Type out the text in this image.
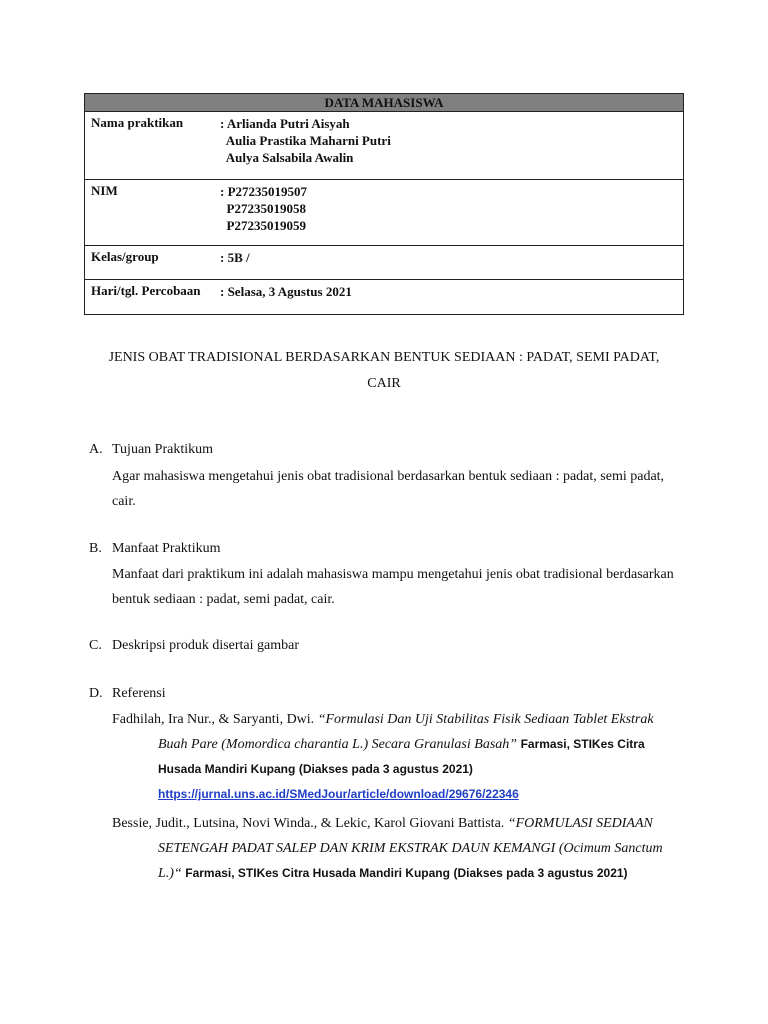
DATA MAHASISWA
Nama praktikan	: Arlianda Putri Aisyah
Aulia Prastika Maharni Putri
Aulya Salsabila Awalin
NIM	: P27235019507
P27235019058
P27235019059
Kelas/group	: 5B /
Hari/tgl. Percobaan : Selasa, 3 Agustus 2021
JENIS OBAT TRADISIONAL BERDASARKAN BENTUK SEDIAAN : PADAT, SEMI PADAT,
CAIR
A. Tujuan Praktikum
Agar mahasiswa mengetahui jenis obat tradisional berdasarkan bentuk sediaan : padat, semi padat, cair.
B. Manfaat Praktikum
Manfaat dari praktikum ini adalah mahasiswa mampu mengetahui jenis obat tradisional berdasarkan bentuk sediaan : padat, semi padat, cair.
C. Deskripsi produk disertai gambar
D. Referensi
Fadhilah, Ira Nur., & Saryanti, Dwi. “Formulasi Dan Uji Stabilitas Fisik Sediaan Tablet Ekstrak
Buah Pare (Momordica charantia L.) Secara Granulasi Basah” Farmasi, STIKes Citra
Husada Mandiri Kupang (Diakses pada 3 agustus 2021)
https://jurnal.uns.ac.id/SMedJour/article/download/29676/22346
Bessie, Judit., Lutsina, Novi Winda., & Lekic, Karol Giovani Battista. “FORMULASI SEDIAAN
SETENGAH PADAT SALEP DAN KRIM EKSTRAK DAUN KEMANGI (Ocimum Sanctum
L.)“ Farmasi, STIKes Citra Husada Mandiri Kupang (Diakses pada 3 agustus 2021)
